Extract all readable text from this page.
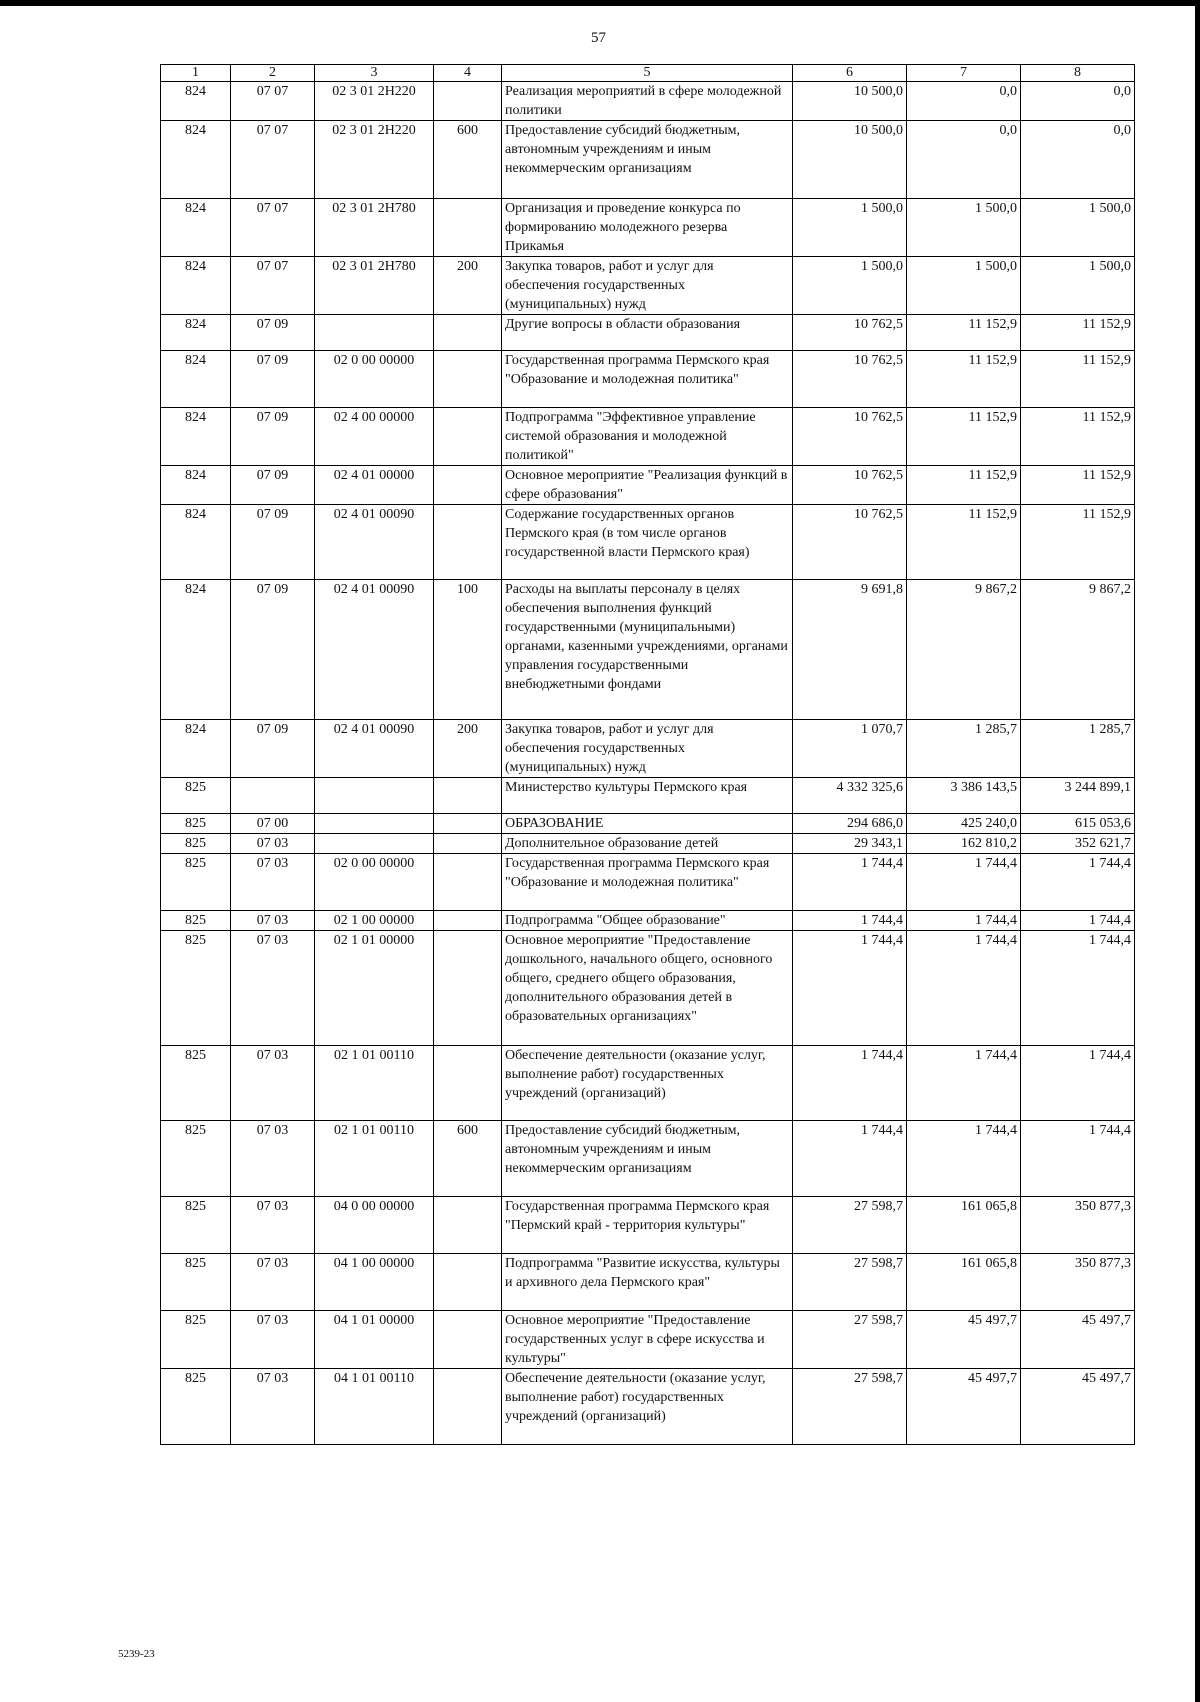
57
1	2	3	4	5	6	7	8
824	07 07	02 3 01 2Н220		Реализация мероприятий в сфере молодежной политики	10 500,0	0,0	0,0
824	07 07	02 3 01 2Н220	600	Предоставление субсидий бюджетным, автономным учреждениям и иным некоммерческим организациям	10 500,0	0,0	0,0
824	07 07	02 3 01 2Н780		Организация и проведение конкурса по формированию молодежного резерва Прикамья	1 500,0	1 500,0	1 500,0
824	07 07	02 3 01 2Н780	200	Закупка товаров, работ и услуг для обеспечения государственных (муниципальных) нужд	1 500,0	1 500,0	1 500,0
824	07 09			Другие вопросы в области образования	10 762,5	11 152,9	11 152,9
824	07 09	02 0 00 00000		Государственная программа Пермского края "Образование и молодежная политика"	10 762,5	11 152,9	11 152,9
824	07 09	02 4 00 00000		Подпрограмма "Эффективное управление системой образования и молодежной политикой"	10 762,5	11 152,9	11 152,9
824	07 09	02 4 01 00000		Основное мероприятие "Реализация функций в сфере образования"	10 762,5	11 152,9	11 152,9
824	07 09	02 4 01 00090		Содержание государственных органов Пермского края (в том числе органов государственной власти Пермского края)	10 762,5	11 152,9	11 152,9
824	07 09	02 4 01 00090	100	Расходы на выплаты персоналу в целях обеспечения выполнения функций государственными (муниципальными) органами, казенными учреждениями, органами управления государственными внебюджетными фондами	9 691,8	9 867,2	9 867,2
824	07 09	02 4 01 00090	200	Закупка товаров, работ и услуг для обеспечения государственных (муниципальных) нужд	1 070,7	1 285,7	1 285,7
825				Министерство культуры Пермского края	4 332 325,6	3 386 143,5	3 244 899,1
825	07 00			ОБРАЗОВАНИЕ	294 686,0	425 240,0	615 053,6
825	07 03			Дополнительное образование детей	29 343,1	162 810,2	352 621,7
825	07 03	02 0 00 00000		Государственная программа Пермского края "Образование и молодежная политика"	1 744,4	1 744,4	1 744,4
825	07 03	02 1 00 00000		Подпрограмма "Общее образование"	1 744,4	1 744,4	1 744,4
825	07 03	02 1 01 00000		Основное мероприятие "Предоставление дошкольного, начального общего, основного общего, среднего общего образования, дополнительного образования детей в образовательных организациях"	1 744,4	1 744,4	1 744,4
825	07 03	02 1 01 00110		Обеспечение деятельности (оказание услуг, выполнение работ) государственных учреждений (организаций)	1 744,4	1 744,4	1 744,4
825	07 03	02 1 01 00110	600	Предоставление субсидий бюджетным, автономным учреждениям и иным некоммерческим организациям	1 744,4	1 744,4	1 744,4
825	07 03	04 0 00 00000		Государственная программа Пермского края "Пермский край - территория культуры"	27 598,7	161 065,8	350 877,3
825	07 03	04 1 00 00000		Подпрограмма "Развитие искусства, культуры и архивного дела Пермского края"	27 598,7	161 065,8	350 877,3
825	07 03	04 1 01 00000		Основное мероприятие "Предоставление государственных услуг в сфере искусства и культуры"	27 598,7	45 497,7	45 497,7
825	07 03	04 1 01 00110		Обеспечение деятельности (оказание услуг, выполнение работ) государственных учреждений (организаций)	27 598,7	45 497,7	45 497,7
5239-23
